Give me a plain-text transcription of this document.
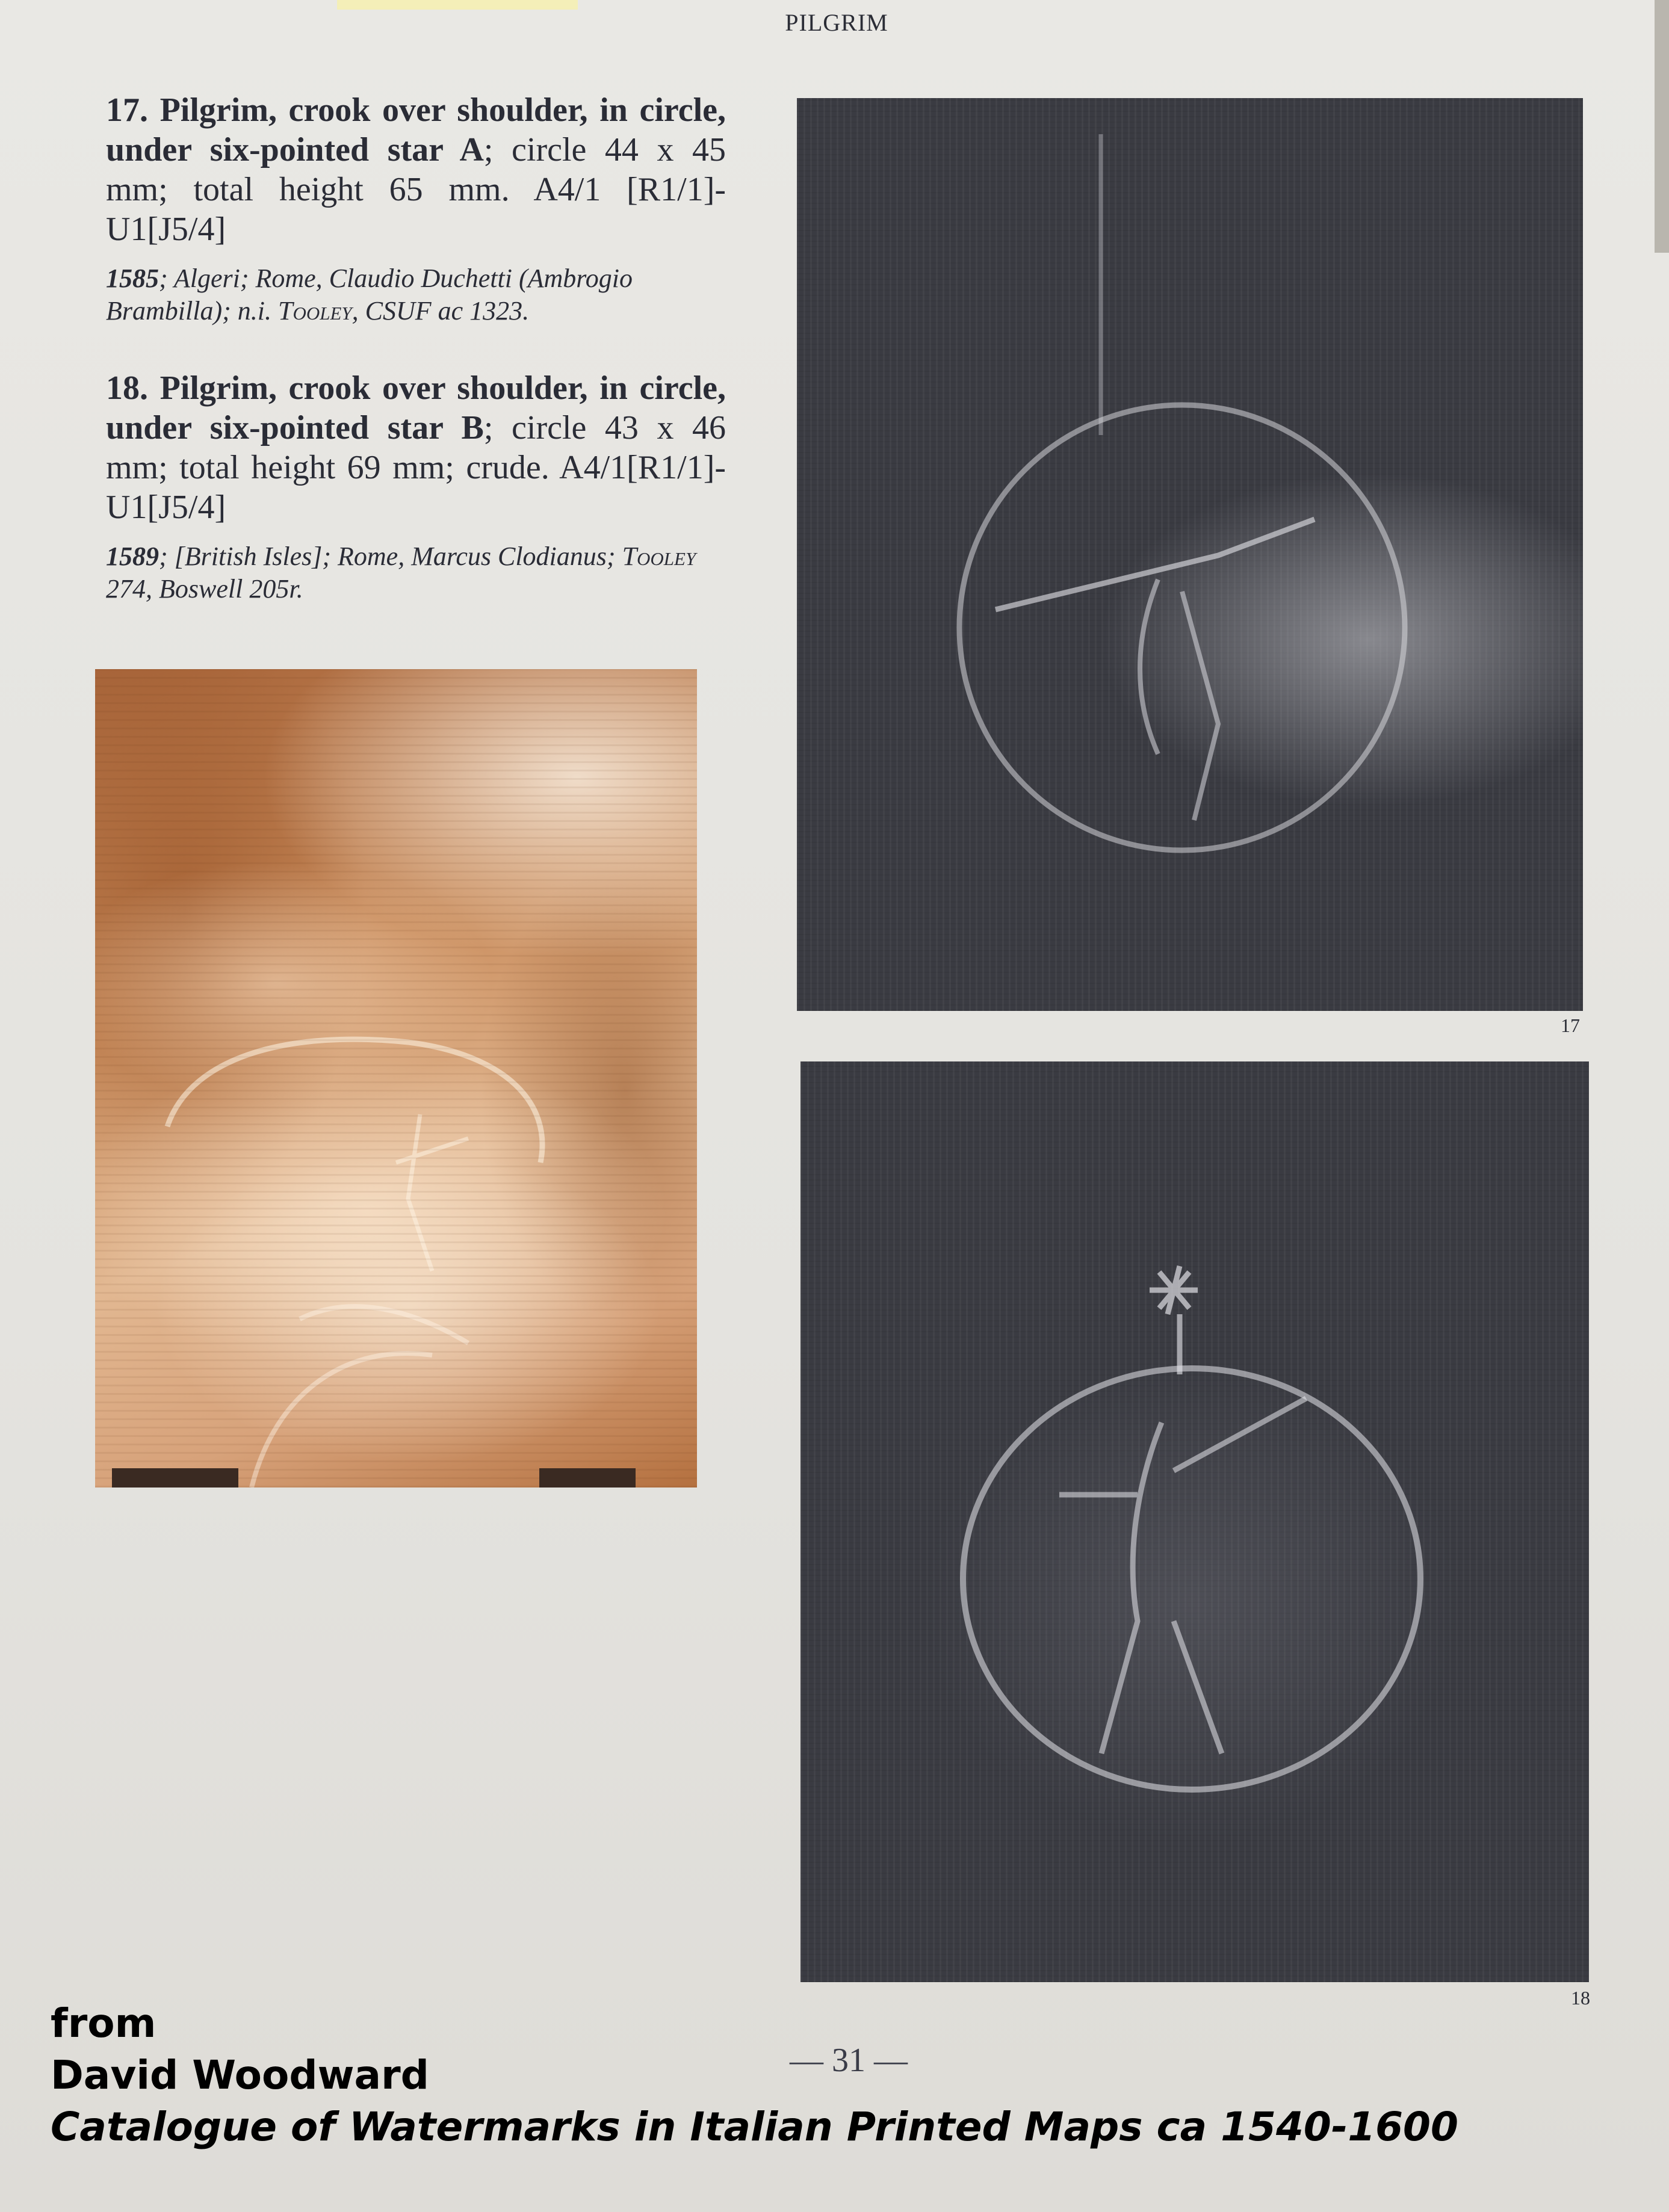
PILGRIM

17. Pilgrim, crook over shoulder, in circle, under six-pointed star A; circle 44 x 45 mm; total height 65 mm. A4/1 [R1/1]-U1[J5/4]

1585; Algeri; Rome, Claudio Duchetti (Ambrogio Brambilla); n.i. Tooley, CSUF ac 1323.

18. Pilgrim, crook over shoulder, in circle, under six-pointed star B; circle 43 x 46 mm; total height 69 mm; crude. A4/1[R1/1]-U1[J5/4]

1589; [British Isles]; Rome, Marcus Clodianus; Tooley 274, Boswell 205r.

17
18
— 31 —
from
David Woodward
Catalogue of Watermarks in Italian Printed Maps ca 1540-1600
